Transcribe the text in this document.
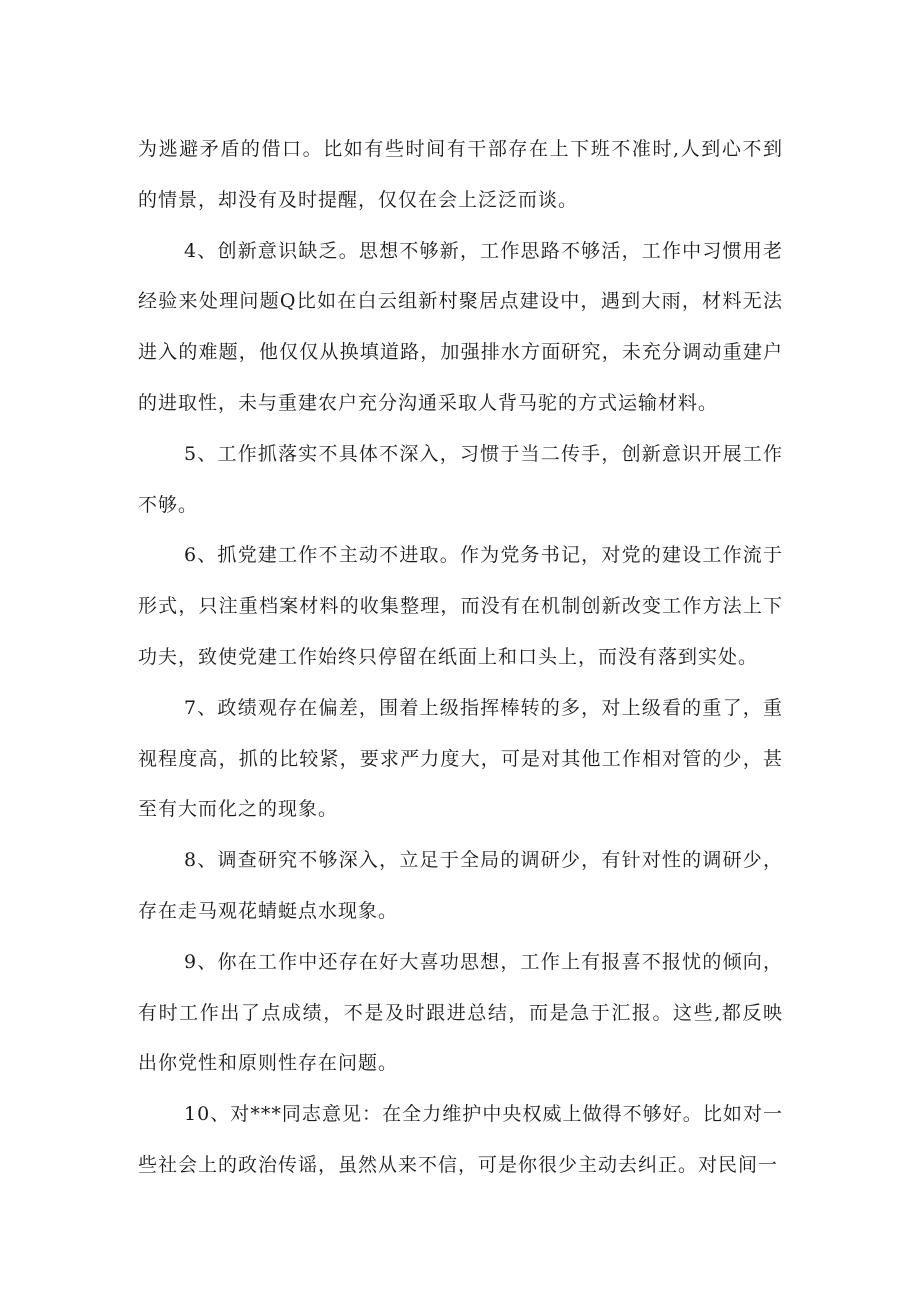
为逃避矛盾的借口。比如有些时间有干部存在上下班不准时,人到心不到的情景，却没有及时提醒，仅仅在会上泛泛而谈。

4、创新意识缺乏。思想不够新，工作思路不够活，工作中习惯用老经验来处理问题Q比如在白云组新村聚居点建设中，遇到大雨，材料无法进入的难题，他仅仅从换填道路，加强排水方面研究，未充分调动重建户的进取性，未与重建农户充分沟通采取人背马驼的方式运输材料。

5、工作抓落实不具体不深入，习惯于当二传手，创新意识开展工作不够。

6、抓党建工作不主动不进取。作为党务书记，对党的建设工作流于形式，只注重档案材料的收集整理，而没有在机制创新改变工作方法上下功夫，致使党建工作始终只停留在纸面上和口头上，而没有落到实处。

7、政绩观存在偏差，围着上级指挥棒转的多，对上级看的重了，重视程度高，抓的比较紧，要求严力度大，可是对其他工作相对管的少，甚至有大而化之的现象。

8、调查研究不够深入，立足于全局的调研少，有针对性的调研少，存在走马观花蜻蜓点水现象。

9、你在工作中还存在好大喜功思想，工作上有报喜不报忧的倾向，有时工作出了点成绩，不是及时跟进总结，而是急于汇报。这些,都反映出你党性和原则性存在问题。

10、对***同志意见：在全力维护中央权威上做得不够好。比如对一些社会上的政治传谣，虽然从来不信，可是你很少主动去纠正。对民间一
